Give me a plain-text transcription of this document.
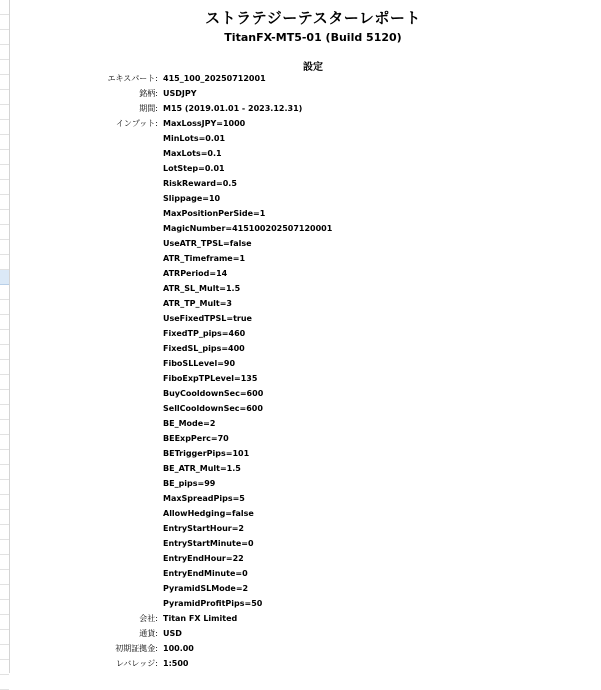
ストラテジーテスターレポート
TitanFX-MT5-01 (Build 5120)
設定
エキスパート: 415_100_20250712001
銘柄: USDJPY
期間: M15 (2019.01.01 - 2023.12.31)
インプット: MaxLossJPY=1000
MinLots=0.01
MaxLots=0.1
LotStep=0.01
RiskReward=0.5
Slippage=10
MaxPositionPerSide=1
MagicNumber=415100202507120001
UseATR_TPSL=false
ATR_Timeframe=1
ATRPeriod=14
ATR_SL_Mult=1.5
ATR_TP_Mult=3
UseFixedTPSL=true
FixedTP_pips=460
FixedSL_pips=400
FiboSLLevel=90
FiboExpTPLevel=135
BuyCooldownSec=600
SellCooldownSec=600
BE_Mode=2
BEExpPerc=70
BETriggerPips=101
BE_ATR_Mult=1.5
BE_pips=99
MaxSpreadPips=5
AllowHedging=false
EntryStartHour=2
EntryStartMinute=0
EntryEndHour=22
EntryEndMinute=0
PyramidSLMode=2
PyramidProfitPips=50
会社: Titan FX Limited
通貨: USD
初期証拠金: 100.00
レバレッジ: 1:500
